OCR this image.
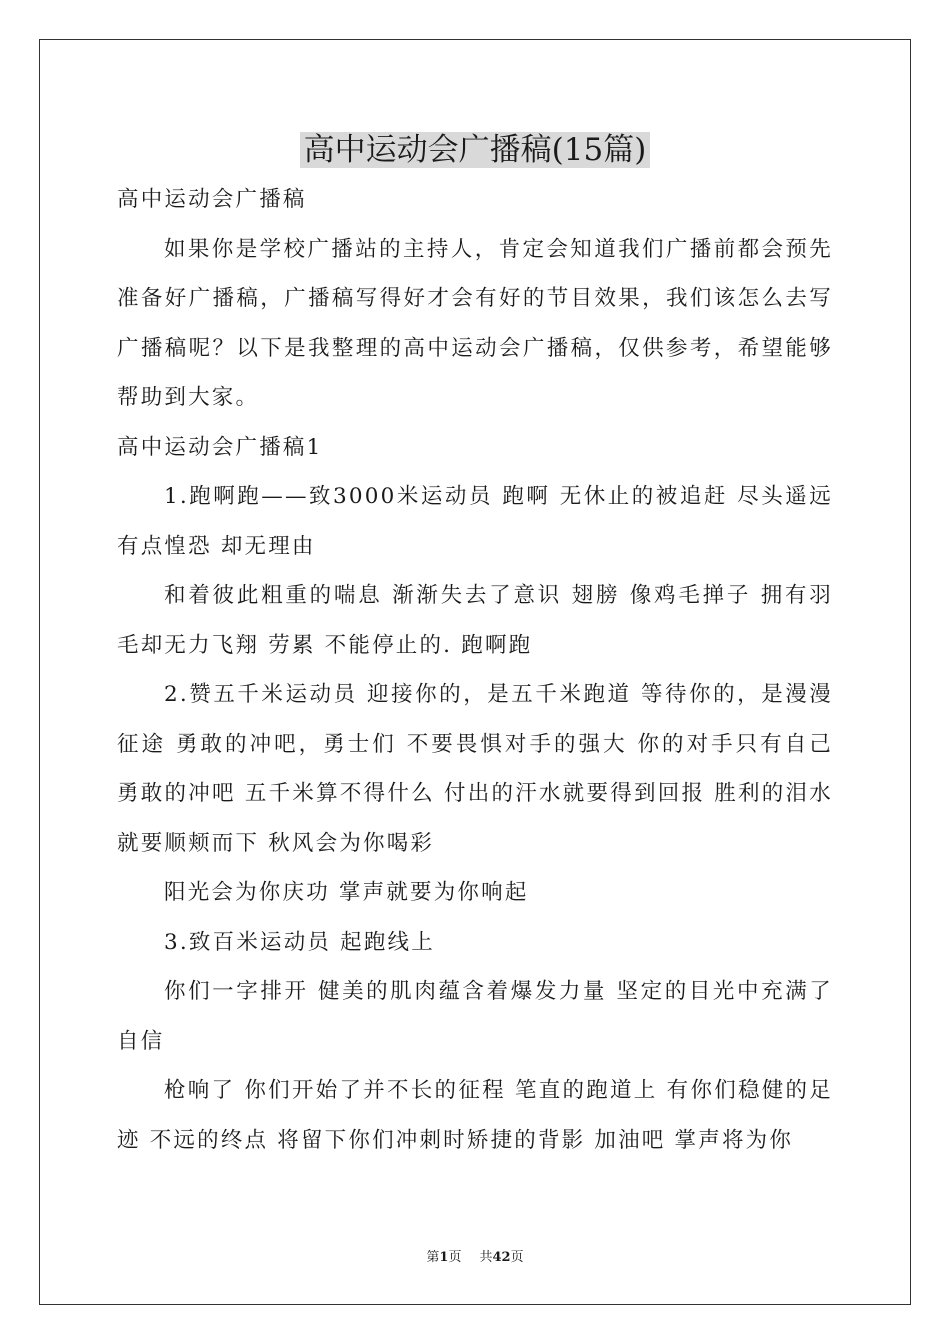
高中运动会广播稿(15篇)

高中运动会广播稿

如果你是学校广播站的主持人，肯定会知道我们广播前都会预先准备好广播稿，广播稿写得好才会有好的节目效果，我们该怎么去写广播稿呢？以下是我整理的高中运动会广播稿，仅供参考，希望能够帮助到大家。

高中运动会广播稿1

1.跑啊跑——致3000米运动员 跑啊 无休止的被追赶 尽头遥远 有点惶恐 却无理由

和着彼此粗重的喘息 渐渐失去了意识 翅膀 像鸡毛掸子 拥有羽毛却无力飞翔 劳累 不能停止的. 跑啊跑

2.赞五千米运动员 迎接你的，是五千米跑道 等待你的，是漫漫征途 勇敢的冲吧，勇士们 不要畏惧对手的强大 你的对手只有自己 勇敢的冲吧 五千米算不得什么 付出的汗水就要得到回报 胜利的泪水就要顺颊而下 秋风会为你喝彩

阳光会为你庆功 掌声就要为你响起

3.致百米运动员 起跑线上

你们一字排开 健美的肌肉蕴含着爆发力量 坚定的目光中充满了自信

枪响了 你们开始了并不长的征程 笔直的跑道上 有你们稳健的足迹 不远的终点 将留下你们冲刺时矫捷的背影 加油吧 掌声将为你

第1页 共42页
